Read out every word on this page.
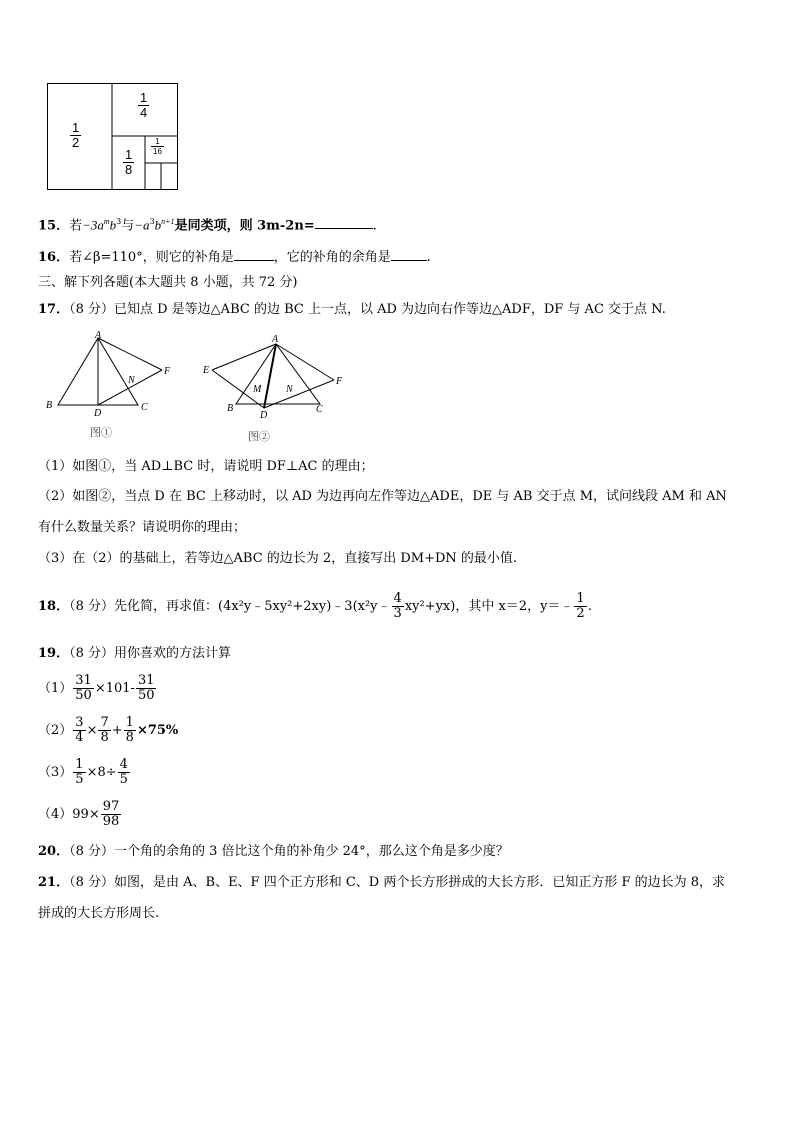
$\frac{1}{2}$
$\frac{1}{4}$
$\frac{1}{8}$
$\frac{1}{16}$
15．若$-3a^mb^3$与$-a^3b^{n+1}$是同类项，则 3m-2n=	.
16．若∠β=110°，则它的补角是	，它的补角的余角是	.
三、解下列各题(本大题共 8 小题，共 72 分)
17．（8 分）已知点 D 是等边△ABC 的边 BC 上一点，以 AD 为边向右作等边△ADF，DF 与 AC 交于点 N.
A
B	C
D
F
N
图①
A
B	C
D
E
F
M N
图②
（1）如图①，当 AD⊥BC 时，请说明 DF⊥AC 的理由；
（2）如图②，当点 D 在 BC 上移动时，以 AD 为边再向左作等边△ADE，DE 与 AB 交于点 M，试问线段 AM 和 AN
有什么数量关系？请说明你的理由；
（3）在（2）的基础上，若等边△ABC 的边长为 2，直接写出 DM+DN 的最小值.
18．（8 分）先化简，再求值：(4x²y﹣5xy²+2xy)﹣3(x²y﹣ $\frac{4}{3} xy^2+yx$)，其中 x＝2，y＝﹣ $\frac{1}{2}$ .
19．（8 分）用你喜欢的方法计算
$(1) \frac{31}{50} \times 101- \frac{31}{50}$
$(2) \frac{3}{4} \times \frac{7}{8} + \frac{1}{8} \times 75\%$
$(3) \frac{1}{5} \times 8\div \frac{4}{5}$
$(4)99\times \frac{97}{98}$
20．（8 分）一个角的余角的 3 倍比这个角的补角少 24°，那么这个角是多少度？
21．（8 分）如图，是由 A、B、E、F 四个正方形和 C、D 两个长方形拼成的大长方形．已知正方形 F 的边长为 8，求
拼成的大长方形周长.
